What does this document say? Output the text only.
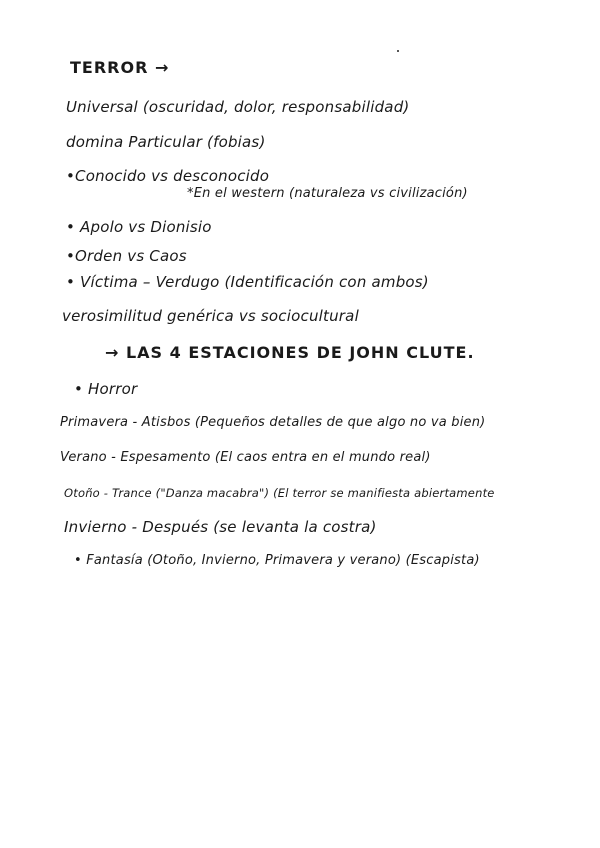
TERROR →
Universal (oscuridad, dolor, responsabilidad)
domina Particular (fobias)
•Conocido vs desconocido
*En el western (naturaleza vs civilización)
• Apolo vs Dionisio
•Orden vs Caos
• Víctima – Verdugo (Identificación con ambos)
verosimilitud genérica vs sociocultural
→ LAS 4 ESTACIONES DE JOHN CLUTE.
• Horror
Primavera - Atisbos (Pequeños detalles de que algo no va bien)
Verano - Espesamento (El caos entra en el mundo real)
Otoño - Trance ("Danza macabra") (El terror se manifiesta abiertamente
Invierno - Después (se levanta la costra)
• Fantasía (Otoño, Invierno, Primavera y verano) (Escapista)
